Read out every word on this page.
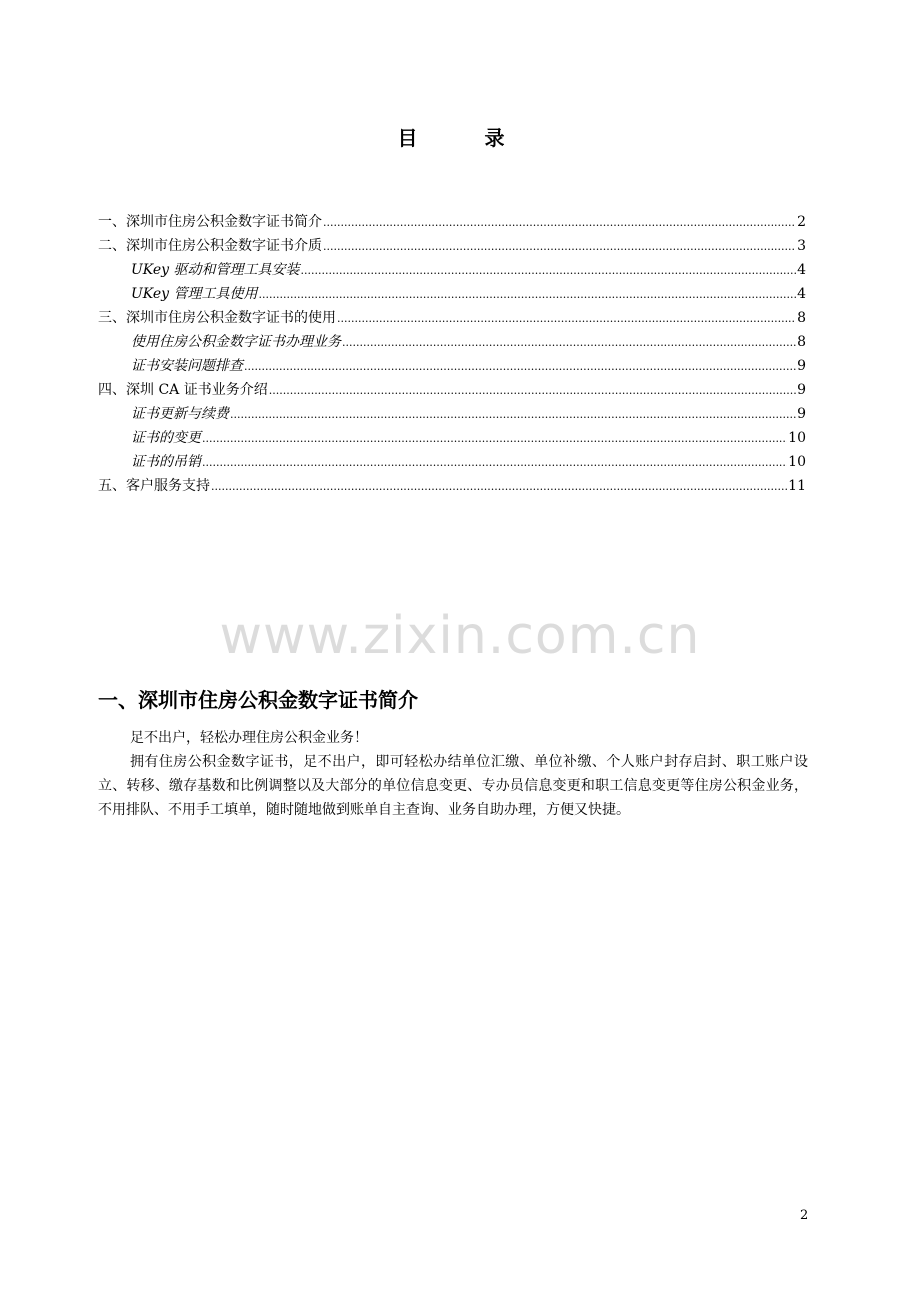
目 录
一、深圳市住房公积金数字证书简介 .....	2
二、深圳市住房公积金数字证书介质 .....	3
UKey 驱动和管理工具安装 .....	4
UKey 管理工具使用 .....	4
三、深圳市住房公积金数字证书的使用 .....	8
使用住房公积金数字证书办理业务 .....	8
证书安装问题排查 .....	9
四、深圳 CA 证书业务介绍 .....	9
证书更新与续费 .....	9
证书的变更 .....	10
证书的吊销 .....	10
五、客户服务支持 .....	11
www.zixin.com.cn
一、深圳市住房公积金数字证书简介
足不出户，轻松办理住房公积金业务！
拥有住房公积金数字证书，足不出户，即可轻松办结单位汇缴、单位补缴、个人账户封存启封、职工账户设立、转移、缴存基数和比例调整以及大部分的单位信息变更、专办员信息变更和职工信息变更等住房公积金业务，不用排队、不用手工填单，随时随地做到账单自主查询、业务自助办理，方便又快捷。
2
